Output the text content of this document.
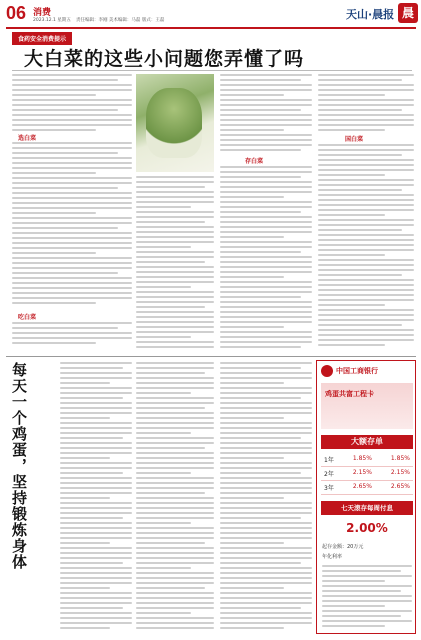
06 消费
2023.12.1 星期五 责任编辑：李刚 美术编辑：马磊 版式：王磊	天山·晨报 晨
食药安全消费提示
大白菜的这些小问题您弄懂了吗
选白菜
吃白菜
存白菜
国白菜
每天一个鸡蛋，坚持锻炼身体	中国工商银行
鸡蛋共富工程卡
大额存单
1年	1.85%	1.85%
2年	2.15%	2.15%
3年	2.65%	2.65%
七天滚存每周付息
2.00%
起存金额：20万元
年化利率
